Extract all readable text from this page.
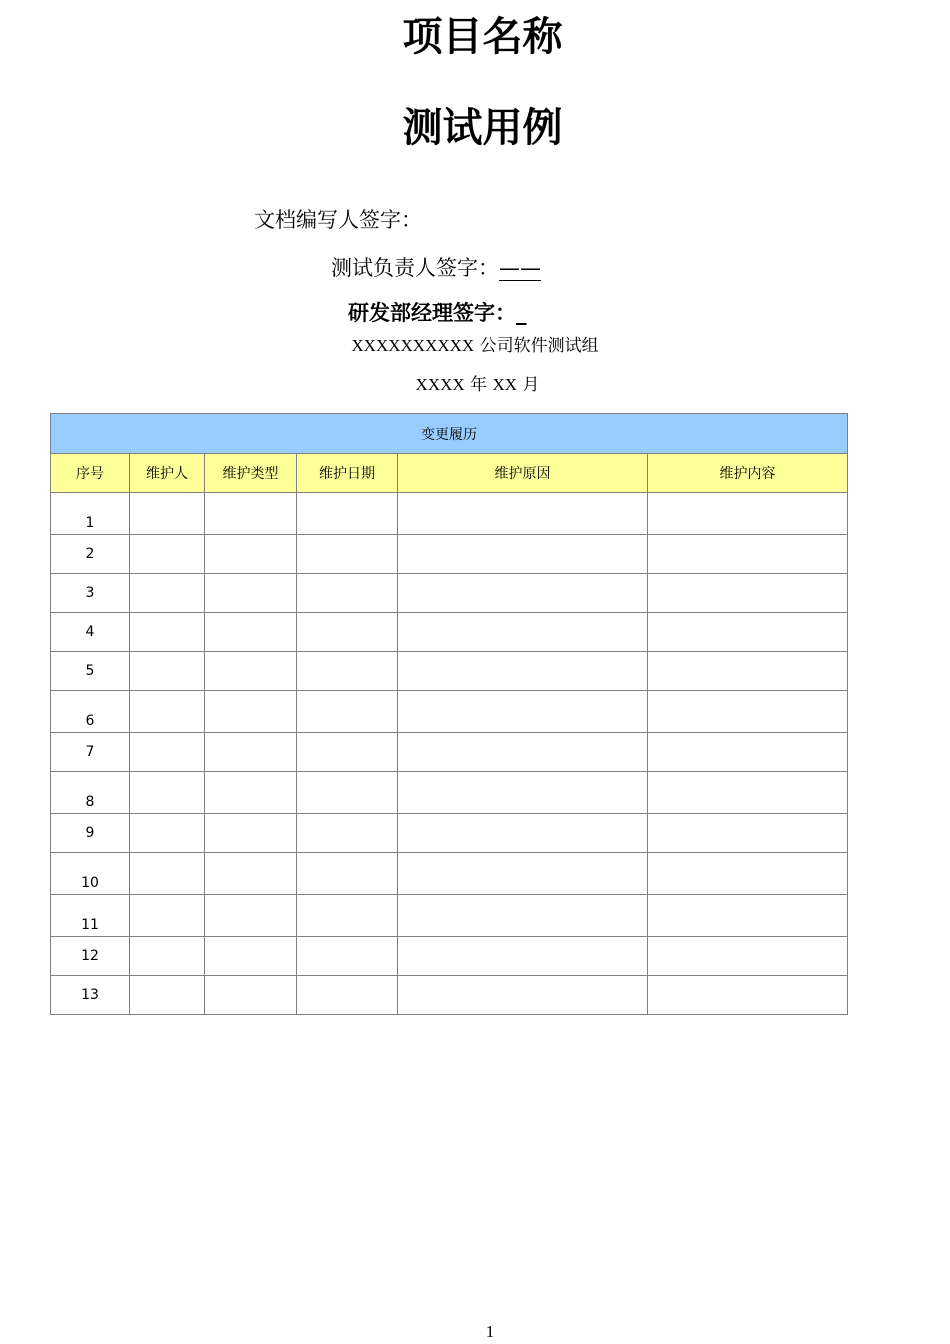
项目名称
测试用例
文档编写人签字：
测试负责人签字：——
研发部经理签字：_
XXXXXXXXXX 公司软件测试组
XXXX 年 XX 月
变更履历					
序号	维护人	维护类型	维护日期	维护原因	维护内容
1					
2					
3					
4					
5					
6					
7					
8					
9					
10					
11					
12					
13					
1
